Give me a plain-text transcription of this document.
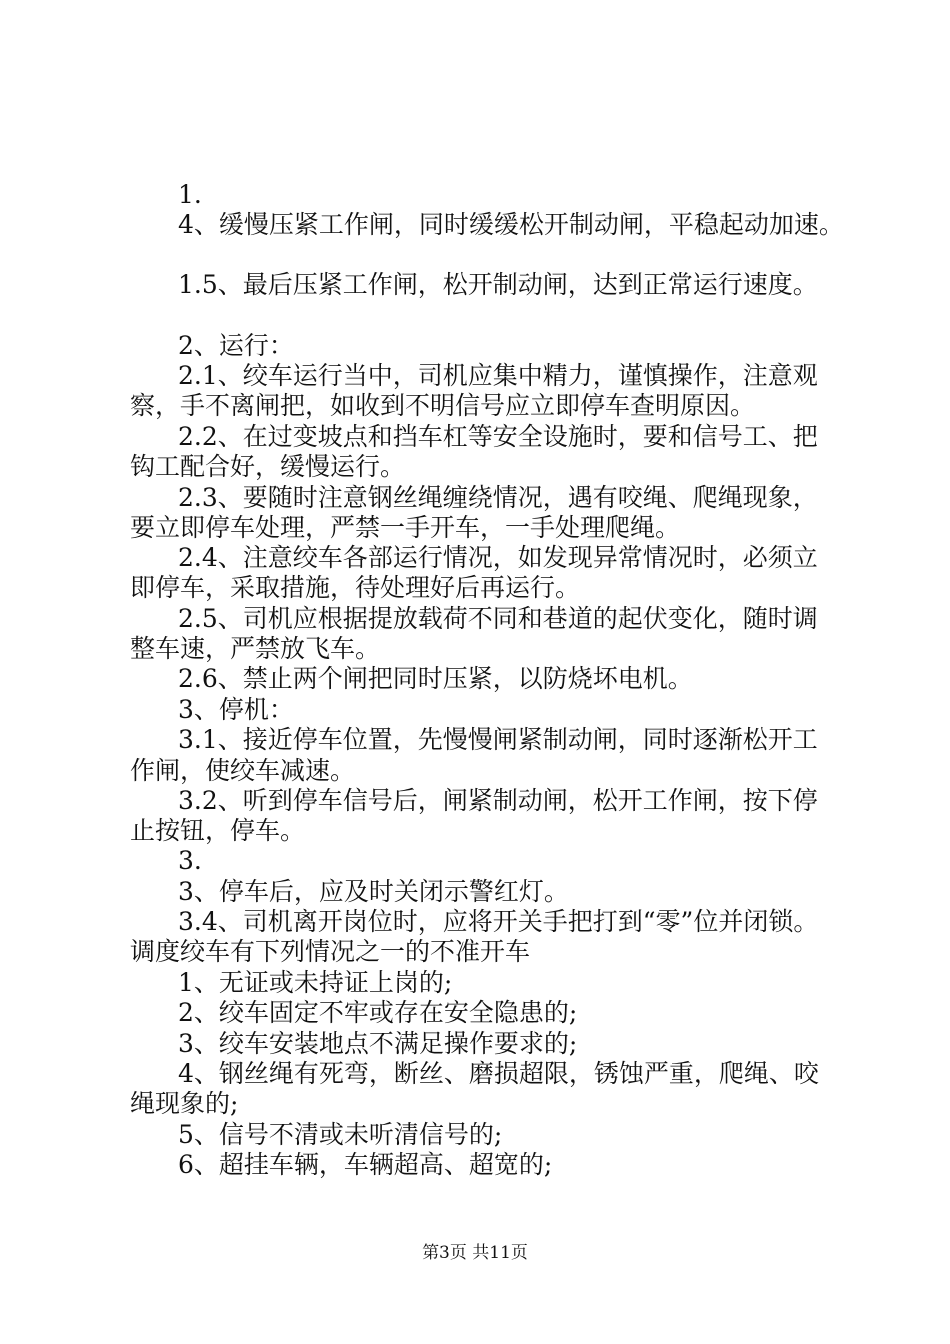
1.
4、缓慢压紧工作闸，同时缓缓松开制动闸，平稳起动加速。
1.5、最后压紧工作闸，松开制动闸，达到正常运行速度。
2、运行：
2.1、绞车运行当中，司机应集中精力，谨慎操作，注意观
察，手不离闸把，如收到不明信号应立即停车查明原因。
2.2、在过变坡点和挡车杠等安全设施时，要和信号工、把
钩工配合好，缓慢运行。
2.3、要随时注意钢丝绳缠绕情况，遇有咬绳、爬绳现象，
要立即停车处理，严禁一手开车，一手处理爬绳。
2.4、注意绞车各部运行情况，如发现异常情况时，必须立
即停车，采取措施，待处理好后再运行。
2.5、司机应根据提放载荷不同和巷道的起伏变化，随时调
整车速，严禁放飞车。
2.6、禁止两个闸把同时压紧，以防烧坏电机。
3、停机：
3.1、接近停车位置，先慢慢闸紧制动闸，同时逐渐松开工
作闸，使绞车减速。
3.2、听到停车信号后，闸紧制动闸，松开工作闸，按下停
止按钮，停车。
3.
3、停车后，应及时关闭示警红灯。
3.4、司机离开岗位时，应将开关手把打到“零”位并闭锁。
调度绞车有下列情况之一的不准开车
1、无证或未持证上岗的;
2、绞车固定不牢或存在安全隐患的;
3、绞车安装地点不满足操作要求的;
4、钢丝绳有死弯，断丝、磨损超限，锈蚀严重，爬绳、咬
绳现象的;
5、信号不清或未听清信号的;
6、超挂车辆，车辆超高、超宽的;
第3页 共11页
